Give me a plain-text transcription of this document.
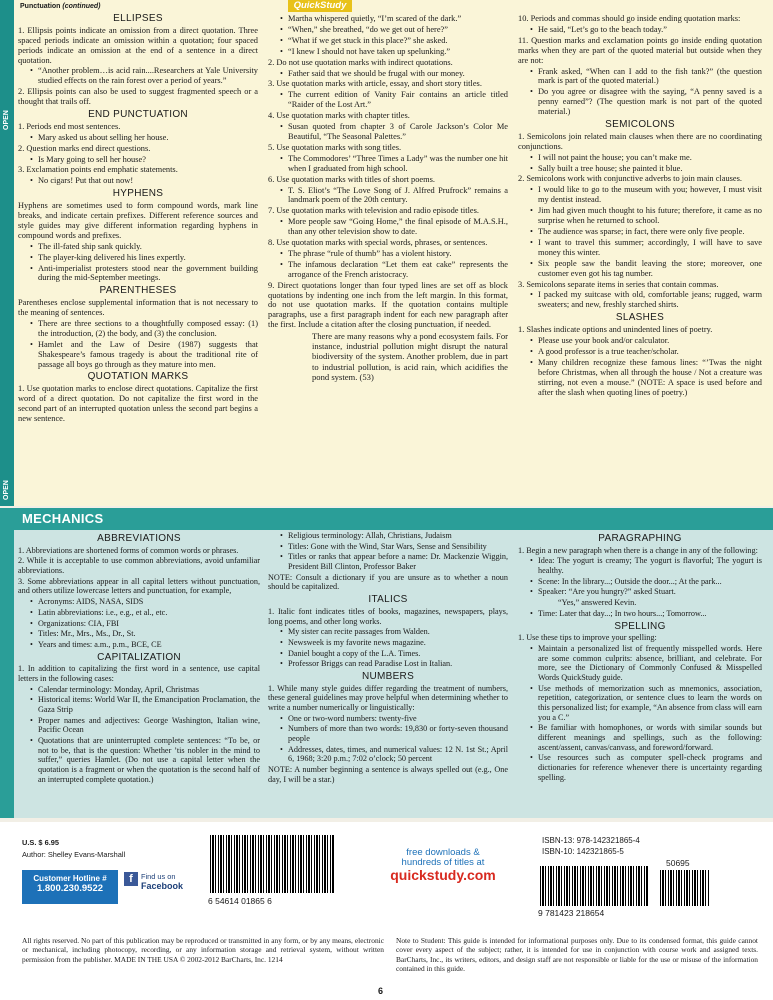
OPEN
OPEN
Punctuation (continued)	QuickStudy
ELLIPSES

1. Ellipsis points indicate an omission from a direct quotation. Three spaced periods indicate an omission within a quotation; four spaced periods indicate an omission at the end of a sentence in a direct quotation.

• “Another problem…is acid rain....Researchers at Yale University studied effects on the rain forest over a period of years.”

2. Ellipsis points can also be used to suggest fragmented speech or a thought that trails off.

END PUNCTUATION

1. Periods end most sentences.

• Mary asked us about selling her house.

2. Question marks end direct questions.

• Is Mary going to sell her house?

3. Exclamation points end emphatic statements.

• No cigars! Put that out now!

HYPHENS

Hyphens are sometimes used to form compound words, mark line breaks, and indicate certain prefixes. Different reference sources and style guides may give different information regarding hyphens in compound words and prefixes.

• The ill-fated ship sank quickly.

• The player-king delivered his lines expertly.

• Anti-imperialist protesters stood near the government building during the mid-September meetings.

PARENTHESES

Parentheses enclose supplemental information that is not necessary to the meaning of sentences.

• There are three sections to a thoughtfully composed essay: (1) the introduction, (2) the body, and (3) the conclusion.

• Hamlet and the Law of Desire (1987) suggests that Shakespeare’s famous tragedy is about the traditional rite of passage all boys go through as they mature into men.

QUOTATION MARKS

1. Use quotation marks to enclose direct quotations. Capitalize the first word of a direct quotation. Do not capitalize the first word in the second part of an interrupted quotation unless the second part begins a new sentence.

• Martha whispered quietly, “I’m scared of the dark.”

• “When,” she breathed, “do we get out of here?”

• “What if we get stuck in this place?” she asked.

• “I knew I should not have taken up spelunking.”

2. Do not use quotation marks with indirect quotations.

• Father said that we should be frugal with our money.

3. Use quotation marks with article, essay, and short story titles.

• The current edition of Vanity Fair contains an article titled “Raider of the Lost Art.”

4. Use quotation marks with chapter titles.

• Susan quoted from chapter 3 of Carole Jackson’s Color Me Beautiful, “The Seasonal Palettes.”

5. Use quotation marks with song titles.

• The Commodores’ “Three Times a Lady” was the number one hit when I graduated from high school.

6. Use quotation marks with titles of short poems.

• T. S. Eliot’s “The Love Song of J. Alfred Prufrock” remains a landmark poem of the 20th century.

7. Use quotation marks with television and radio episode titles.

• More people saw “Going Home,” the final episode of M.A.S.H., than any other television show to date.

8. Use quotation marks with special words, phrases, or sentences.

• The phrase “rule of thumb” has a violent history.

• The infamous declaration “Let them eat cake” represents the arrogance of the French aristocracy.

9. Direct quotations longer than four typed lines are set off as block quotations by indenting one inch from the left margin. In this format, do not use quotation marks. If the quotation contains multiple paragraphs, use a first paragraph indent for each new paragraph after the first. Include a citation after the closing punctuation, if needed.

There are many reasons why a pond ecosystem fails. For instance, industrial pollution might disrupt the natural biodiversity of the system. Another problem, due in part to industrial pollution, is acid rain, which acidifies the pond system. (53)

10. Periods and commas should go inside ending quotation marks:

• He said, “Let’s go to the beach today.”

11. Question marks and exclamation points go inside ending quotation marks when they are part of the quoted material but outside when they are not:

• Frank asked, “When can I add to the fish tank?” (the question mark is part of the quoted material.)

• Do you agree or disagree with the saying, “A penny saved is a penny earned”? (The question mark is not part of the quoted material.)

SEMICOLONS

1. Semicolons join related main clauses when there are no coordinating conjunctions.

• I will not paint the house; you can’t make me.

• Sally built a tree house; she painted it blue.

2. Semicolons work with conjunctive adverbs to join main clauses.

• I would like to go to the museum with you; however, I must visit my dentist instead.

• Jim had given much thought to his future; therefore, it came as no surprise when he returned to school.

• The audience was sparse; in fact, there were only five people.

• I want to travel this summer; accordingly, I will have to save money this winter.

• Six people saw the bandit leaving the store; moreover, one customer even got his tag number.

3. Semicolons separate items in series that contain commas.

• I packed my suitcase with old, comfortable jeans; rugged, warm sweaters; and new, freshly starched shirts.

SLASHES

1. Slashes indicate options and unindented lines of poetry.

• Please use your book and/or calculator.

• A good professor is a true teacher/scholar.

• Many children recognize these famous lines: “’Twas the night before Christmas, when all through the house / Not a creature was stirring, not even a mouse.” (NOTE: A space is used before and after the slash when quoting lines of poetry.)

MECHANICS
ABBREVIATIONS

1. Abbreviations are shortened forms of common words or phrases.

2. While it is acceptable to use common abbreviations, avoid unfamiliar abbreviations.

3. Some abbreviations appear in all capital letters without punctuation, and others utilize lowercase letters and punctuation, for example,

• Acronyms: AIDS, NASA, SIDS

• Latin abbreviations: i.e., e.g., et al., etc.

• Organizations: CIA, FBI

• Titles: Mr., Mrs., Ms., Dr., St.

• Years and times: a.m., p.m., BCE, CE

CAPITALIZATION

1. In addition to capitalizing the first word in a sentence, use capital letters in the following cases:

• Calendar terminology: Monday, April, Christmas

• Historical items: World War II, the Emancipation Proclamation, the Gaza Strip

• Proper names and adjectives: George Washington, Italian wine, Pacific Ocean

• Quotations that are uninterrupted complete sentences: “To be, or not to be, that is the question: Whether ’tis nobler in the mind to suffer,” queries Hamlet. (Do not use a capital letter when the quotation is a fragment or when the quotation is the second half of an interrupted complete quotation.)

• Religious terminology: Allah, Christians, Judaism

• Titles: Gone with the Wind, Star Wars, Sense and Sensibility

• Titles or ranks that appear before a name: Dr. Mackenzie Wiggin, President Bill Clinton, Professor Baker

NOTE: Consult a dictionary if you are unsure as to whether a noun should be capitalized.

ITALICS

1. Italic font indicates titles of books, magazines, newspapers, plays, long poems, and other long works.

• My sister can recite passages from Walden.

• Newsweek is my favorite news magazine.

• Daniel bought a copy of the L.A. Times.

• Professor Briggs can read Paradise Lost in Italian.

NUMBERS

1. While many style guides differ regarding the treatment of numbers, these general guidelines may prove helpful when determining whether to write a number numerically or linguistically:

• One or two-word numbers: twenty-five

• Numbers of more than two words: 19,830 or forty-seven thousand people

• Addresses, dates, times, and numerical values: 12 N. 1st St.; April 6, 1968; 3:20 p.m.; 7:02 o’clock; 50 percent

NOTE: A number beginning a sentence is always spelled out (e.g., One day, I will be a star.)

PARAGRAPHING

1. Begin a new paragraph when there is a change in any of the following:

• Idea: The yogurt is creamy; The yogurt is flavorful; The yogurt is healthy.

• Scene: In the library...; Outside the door...; At the park...

• Speaker: “Are you hungry?” asked Stuart.

“Yes,” answered Kevin.

• Time: Later that day...; In two hours...; Tomorrow...

SPELLING

1. Use these tips to improve your spelling:

• Maintain a personalized list of frequently misspelled words. Here are some common culprits: absence, brilliant, and celebrate. For more, see the Dictionary of Commonly Confused & Misspelled Words QuickStudy guide.

• Use methods of memorization such as mnemonics, association, repetition, categorization, or sentence clues to learn the words on this personalized list; for example, “An absence from class will earn you a C.”

• Be familiar with homophones, or words with similar sounds but different meanings and spellings, such as the following: ascent/assent, canvas/canvass, and foreword/forward.

• Use resources such as computer spell-check programs and dictionaries for reference whenever there is uncertainty regarding spelling.

U.S. $ 6.95
Author: Shelley Evans-Marshall
Customer Hotline #
1.800.230.9522
f	Find us on
Facebook
6 54614 01865 6
free downloads &
hundreds of titles at
quickstudy.com
ISBN-13: 978-142321865-4
ISBN-10: 142321865-5
9 781423 218654
50695
All rights reserved. No part of this publication may be reproduced or transmitted in any form, or by any means, electronic or mechanical, including photocopy, recording, or any information storage and retrieval system, without written permission from the publisher. MADE IN THE USA © 2002-2012 BarCharts, Inc. 1214
Note to Student: This guide is intended for informational purposes only. Due to its condensed format, this guide cannot cover every aspect of the subject; rather, it is intended for use in conjunction with course work and assigned texts. BarCharts, Inc., its writers, editors, and design staff are not responsible or liable for the use or misuse of the information contained in this guide.
6
